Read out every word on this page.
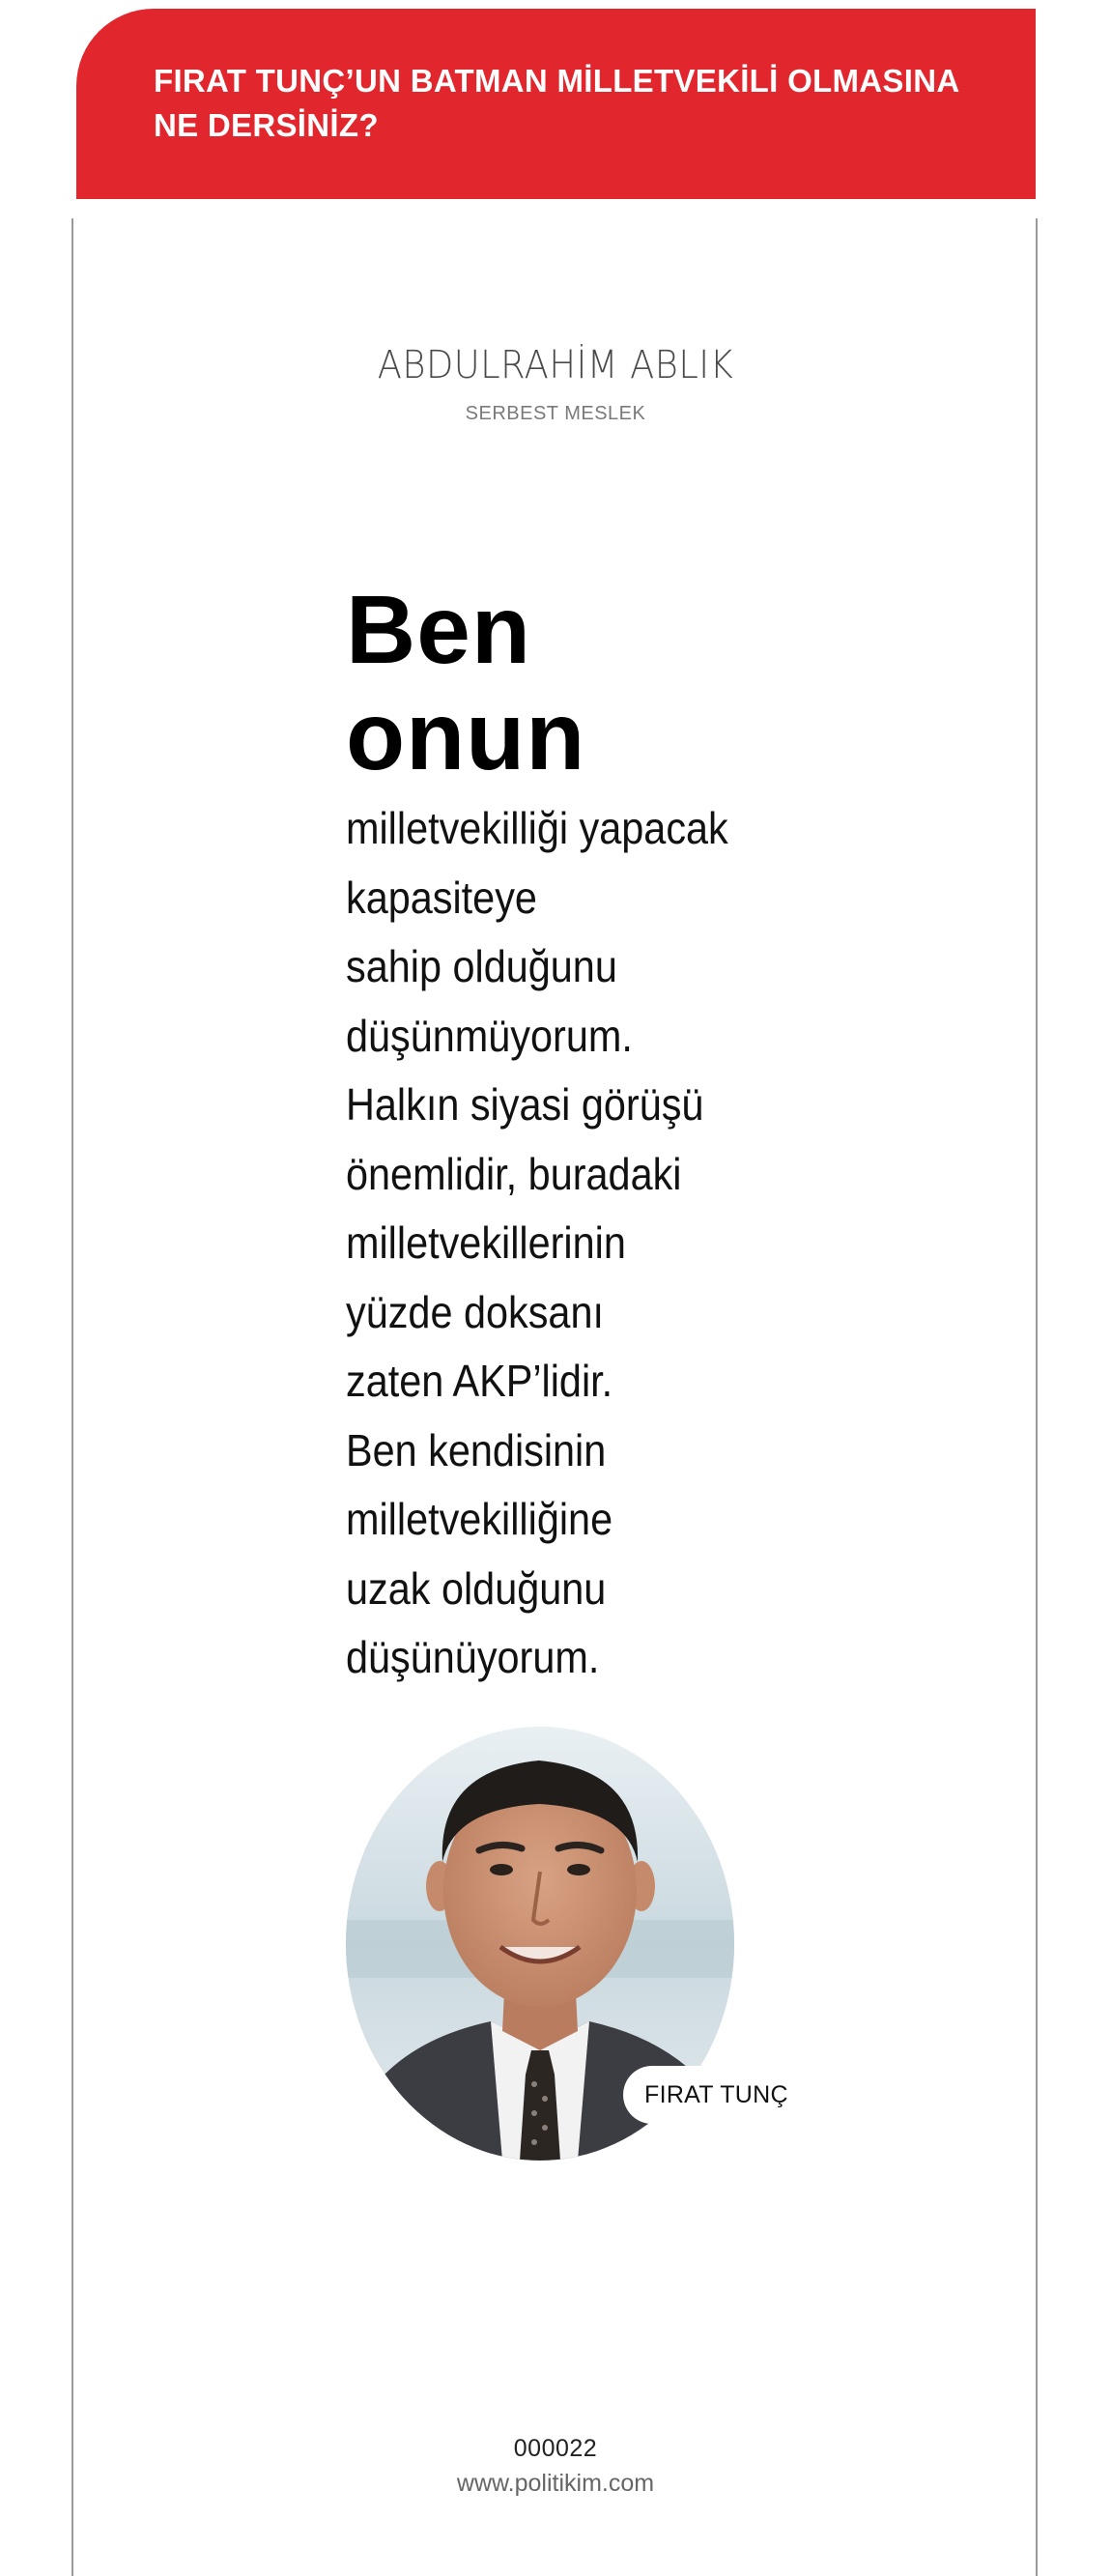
FIRAT TUNÇ’UN BATMAN MİLLETVEKİLİ OLMASINA
NE DERSİNİZ?
ABDULRAHİM ABLIK
SERBEST MESLEK
Ben
onun
milletvekilliği yapacak
kapasiteye
sahip olduğunu
düşünmüyorum.
Halkın siyasi görüşü
önemlidir, buradaki
milletvekillerinin
yüzde doksanı
zaten AKP’lidir.
Ben kendisinin
milletvekilliğine
uzak olduğunu
düşünüyorum.
FIRAT TUNÇ
000022
www.politikim.com
